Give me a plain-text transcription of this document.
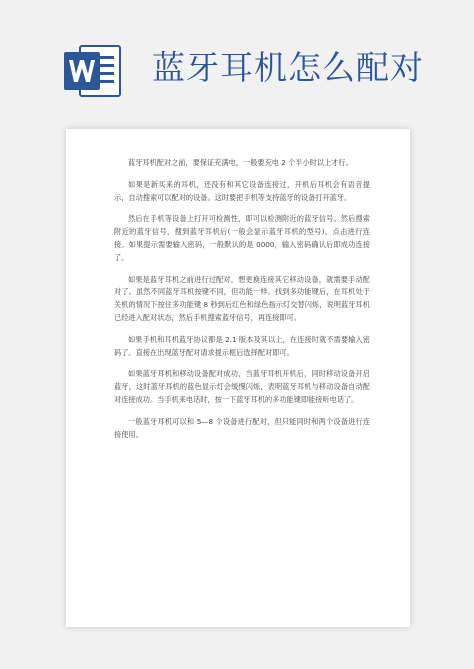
蓝牙耳机怎么配对

蓝牙耳机配对之前，要保证充满电，一般要充电 2 个半小时以上才行。

如果是新买来的耳机，还没有和其它设备连接过，开机后耳机会有语音提示，自动搜索可以配对的设备。这时要把手机等支持蓝牙的设备打开蓝牙。

然后在手机等设备上打开可检测性，即可以检测附近的蓝牙信号。然后搜索附近的蓝牙信号，搜到蓝牙耳机后(一般会显示蓝牙耳机的型号)，点击进行连接。如果提示需要输入密码，一般默认的是 0000，输入密码确认后即成功连接了。

如果是蓝牙耳机之前进行过配对，想更换连接其它移动设备，就需要手动配对了。虽然不同蓝牙耳机按键不同，但功能一样。找到多功能键后，在耳机处于关机的情况下按住多功能键 8 秒到后红色和绿色指示灯交替闪烁，说明蓝牙耳机已经进入配对状态，然后手机搜索蓝牙信号，再连接即可。

如果手机和耳机蓝牙协议都是 2.1 版本及其以上，在连接时就不需要输入密码了。直接在出现蓝牙配对请求提示框后选择配对即可。

如果蓝牙耳机和移动设备配对成功，当蓝牙耳机开机后，同时移动设备开启蓝牙，这时蓝牙耳机的蓝色显示灯会缓慢闪烁，表明蓝牙耳机与移动设备自动配对连接成功。当手机来电话时，按一下蓝牙耳机的多功能键即能接听电话了。

一般蓝牙耳机可以和 5—8 个设备进行配对，但只能同时和两个设备进行连接使用。
